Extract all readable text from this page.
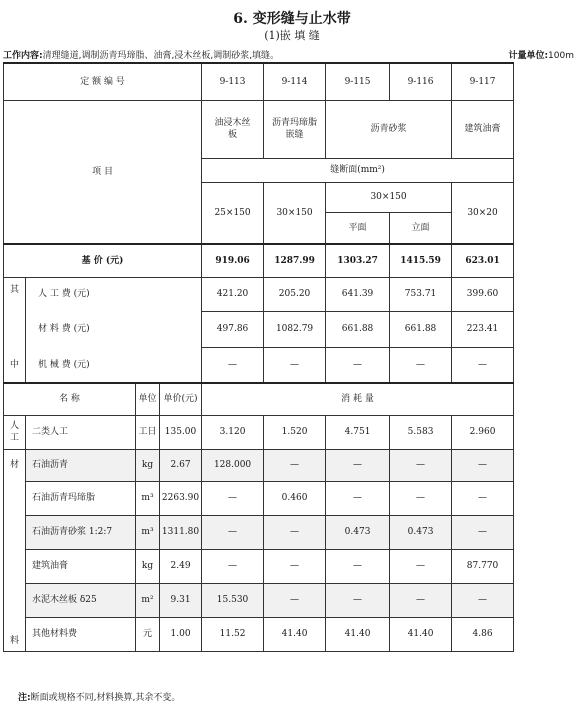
6. 变形缝与止水带
(1)嵌 填 缝
工作内容:清理缝道,调制沥青玛𤧛脂、油膏,浸木丝板,调制砂浆,填缝。	计量单位:100m
定 额 编 号				9-113	9-114	9-115	9-116	9-117
项 目				油浸木丝板	沥青玛𤧛脂嵌缝	沥青砂浆		建筑油膏
				缝断面(mm²)				
				25×150	30×150	30×150		30×20
						平面	立面	
基 价 (元)				919.06	1287.99	1303.27	1415.59	623.01
其	人 工 费 (元)			421.20	205.20	641.39	753.71	399.60
	材 料 费 (元)			497.86	1082.79	661.88	661.88	223.41
中	机 械 费 (元)			—	—	—	—	—
名 称		单位	单价(元)	消 耗 量				

人工	二类人工	工日	135.00	3.120	1.520	4.751	5.583	2.960
材	石油沥青	kg	2.67	128.000	—	—	—	—
	石油沥青玛𤧛脂	m³	2263.90	—	0.460	—	—	—
	石油沥青砂浆 1:2:7	m³	1311.80	—	—	0.473	0.473	—
	建筑油膏	kg	2.49	—	—	—	—	87.770
	水泥木丝板 δ25	m²	9.31	15.530	—	—	—	—
料	其他材料费	元	1.00	11.52	41.40	41.40	41.40	4.86
注:断面或规格不同,材料换算,其余不变。
